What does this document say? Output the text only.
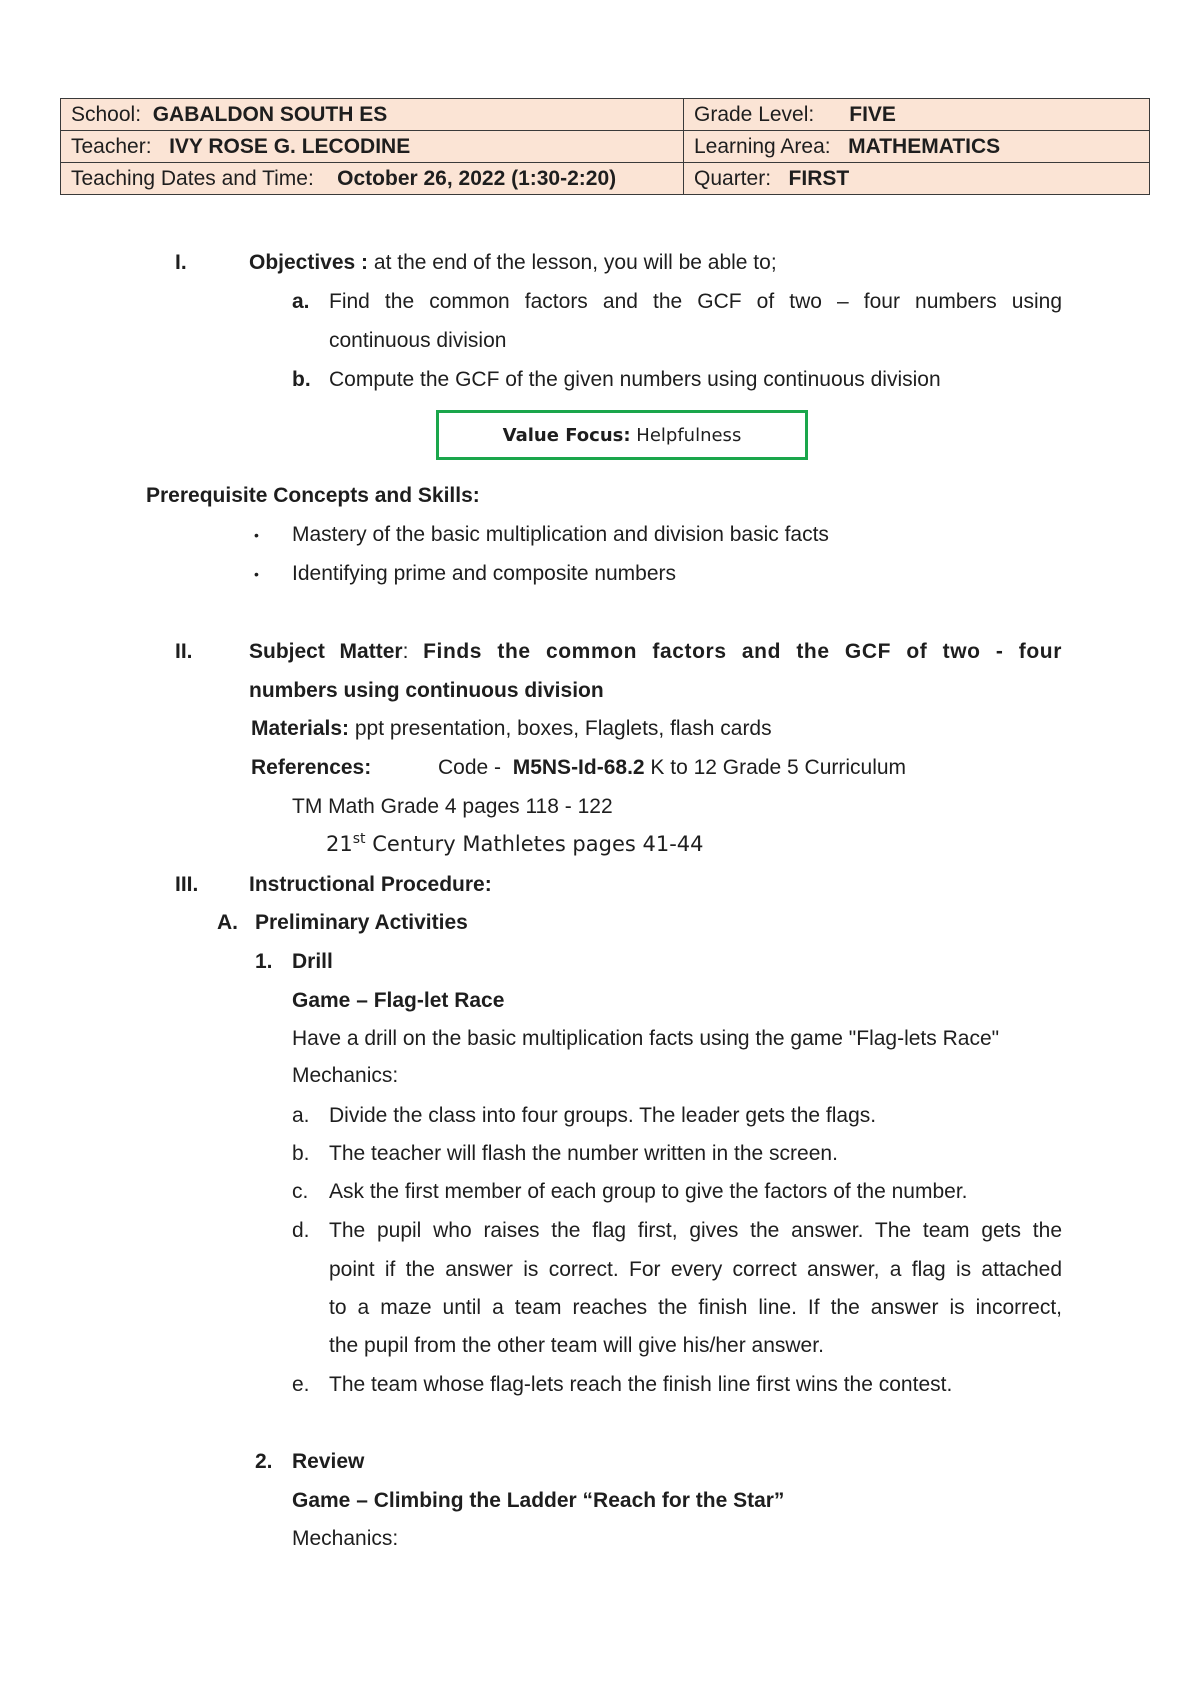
School: GABALDON SOUTH ES	Grade Level: FIVE
Teacher: IVY ROSE G. LECODINE	Learning Area: MATHEMATICS
Teaching Dates and Time: October 26, 2022 (1:30-2:20)	Quarter: FIRST
I.	Objectives : at the end of the lesson, you will be able to;
a. Find the common factors and the GCF of two – four numbers using
continuous division
b. Compute the GCF of the given numbers using continuous division
Value Focus:
Helpfulness
Prerequisite Concepts and Skills:
• Mastery of the basic multiplication and division basic facts
• Identifying prime and composite numbers
II.	Subject Matter: Finds the common factors and the GCF of two - four
numbers using continuous division
Materials: ppt presentation, boxes, Flaglets, flash cards
References:	Code -  M5NS-Id-68.2 K to 12 Grade 5 Curriculum
TM Math Grade 4 pages 118 - 122
21st Century Mathletes pages 41-44
III. Instructional Procedure:
A. Preliminary Activities
1. Drill
Game – Flag-let Race
Have a drill on the basic multiplication facts using the game "Flag-lets Race"
Mechanics:
a. Divide the class into four groups. The leader gets the flags.
b. The teacher will flash the number written in the screen.
c. Ask the first member of each group to give the factors of the number.
d. The pupil who raises the flag first, gives the answer. The team gets the
point if the answer is correct. For every correct answer, a flag is attached
to a maze until a team reaches the finish line. If the answer is incorrect,
the pupil from the other team will give his/her answer.
e. The team whose flag-lets reach the finish line first wins the contest.
2. Review
Game – Climbing the Ladder “Reach for the Star”
Mechanics:
